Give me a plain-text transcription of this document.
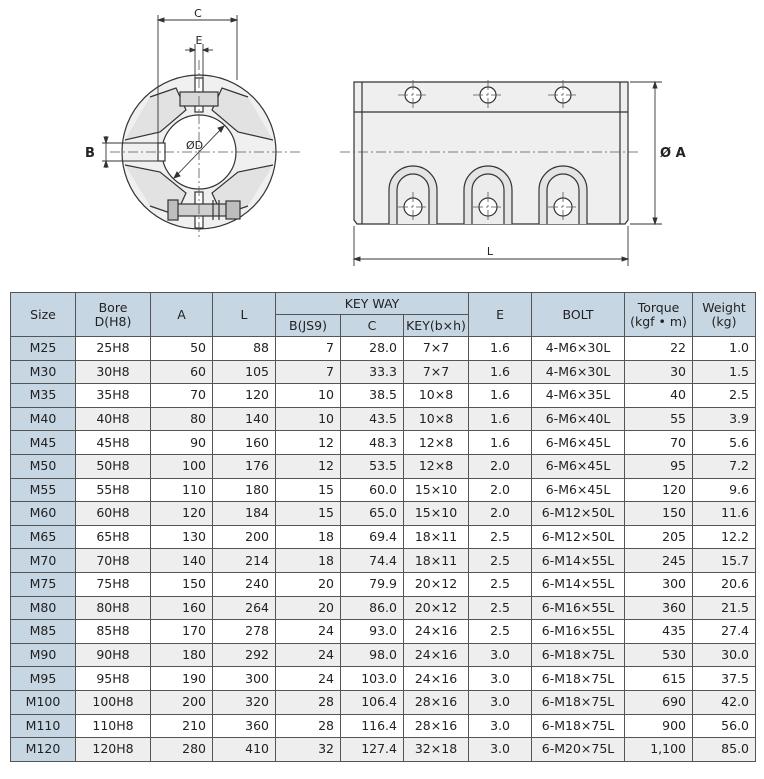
ØD
C
E
B	Ø A
L
Size	Bore
D(H8)	A	L	KEY WAY			E	BOLT	Torque
(kgf • m)	Weight
(kg)
				B(JS9)	C	KEY(b×h)				
M25	25H8	50	88	7	28.0	7×7	1.6	4-M6×30L	22	1.0
M30	30H8	60	105	7	33.3	7×7	1.6	4-M6×30L	30	1.5
M35	35H8	70	120	10	38.5	10×8	1.6	4-M6×35L	40	2.5
M40	40H8	80	140	10	43.5	10×8	1.6	6-M6×40L	55	3.9
M45	45H8	90	160	12	48.3	12×8	1.6	6-M6×45L	70	5.6
M50	50H8	100	176	12	53.5	12×8	2.0	6-M6×45L	95	7.2
M55	55H8	110	180	15	60.0	15×10	2.0	6-M6×45L	120	9.6
M60	60H8	120	184	15	65.0	15×10	2.0	6-M12×50L	150	11.6
M65	65H8	130	200	18	69.4	18×11	2.5	6-M12×50L	205	12.2
M70	70H8	140	214	18	74.4	18×11	2.5	6-M14×55L	245	15.7
M75	75H8	150	240	20	79.9	20×12	2.5	6-M14×55L	300	20.6
M80	80H8	160	264	20	86.0	20×12	2.5	6-M16×55L	360	21.5
M85	85H8	170	278	24	93.0	24×16	2.5	6-M16×55L	435	27.4
M90	90H8	180	292	24	98.0	24×16	3.0	6-M18×75L	530	30.0
M95	95H8	190	300	24	103.0	24×16	3.0	6-M18×75L	615	37.5
M100	100H8	200	320	28	106.4	28×16	3.0	6-M18×75L	690	42.0
M110	110H8	210	360	28	116.4	28×16	3.0	6-M18×75L	900	56.0
M120	120H8	280	410	32	127.4	32×18	3.0	6-M20×75L	1,100	85.0
